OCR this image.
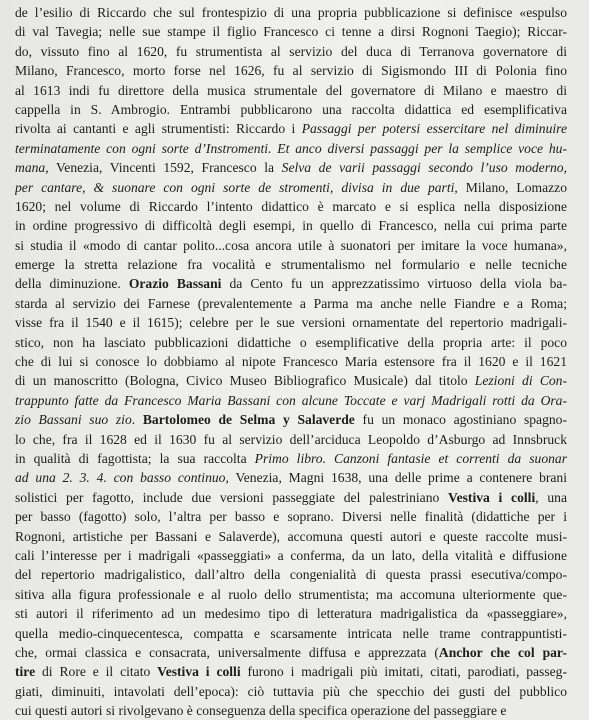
de l’esilio di Riccardo che sul frontespizio di una propria pubblicazione si definisce «espulso
di val Tavegia; nelle sue stampe il figlio Francesco ci tenne a dirsi Rognoni Taegio); Riccar-
do, vissuto fino al 1620, fu strumentista al servizio del duca di Terranova governatore di
Milano, Francesco, morto forse nel 1626, fu al servizio di Sigismondo III di Polonia fino
al 1613 indi fu direttore della musica strumentale del governatore di Milano e maestro di
cappella in S. Ambrogio. Entrambi pubblicarono una raccolta didattica ed esemplificativa
rivolta ai cantanti e agli strumentisti: Riccardo i Passaggi per potersi essercitare nel diminuire
terminatamente con ogni sorte d’Instromenti. Et anco diversi passaggi per la semplice voce hu-
mana, Venezia, Vincenti 1592, Francesco la Selva de varii passaggi secondo l’uso moderno,
per cantare, & suonare con ogni sorte de stromenti, divisa in due parti, Milano, Lomazzo
1620; nel volume di Riccardo l’intento didattico è marcato e si esplica nella disposizione
in ordine progressivo di difficoltà degli esempi, in quello di Francesco, nella cui prima parte
si studia il «modo di cantar polito...cosa ancora utile à suonatori per imitare la voce humana»,
emerge la stretta relazione fra vocalità e strumentalismo nel formulario e nelle tecniche
della diminuzione. Orazio Bassani da Cento fu un apprezzatissimo virtuoso della viola ba-
starda al servizio dei Farnese (prevalentemente a Parma ma anche nelle Fiandre e a Roma;
visse fra il 1540 e il 1615); celebre per le sue versioni ornamentate del repertorio madrigali-
stico, non ha lasciato pubblicazioni didattiche o esemplificative della propria arte: il poco
che di lui si conosce lo dobbiamo al nipote Francesco Maria estensore fra il 1620 e il 1621
di un manoscritto (Bologna, Civico Museo Bibliografico Musicale) dal titolo Lezioni di Con-
trappunto fatte da Francesco Maria Bassani con alcune Toccate e varj Madrigali rotti da Ora-
zio Bassani suo zio. Bartolomeo de Selma y Salaverde fu un monaco agostiniano spagno-
lo che, fra il 1628 ed il 1630 fu al servizio dell’arciduca Leopoldo d’Asburgo ad Innsbruck
in qualità di fagottista; la sua raccolta Primo libro. Canzoni fantasie et correnti da suonar
ad una 2. 3. 4. con basso continuo, Venezia, Magni 1638, una delle prime a contenere brani
solistici per fagotto, include due versioni passeggiate del palestriniano Vestiva i colli, una
per basso (fagotto) solo, l’altra per basso e soprano. Diversi nelle finalità (didattiche per i
Rognoni, artistiche per Bassani e Salaverde), accomuna questi autori e queste raccolte musi-
cali l’interesse per i madrigali «passeggiati» a conferma, da un lato, della vitalità e diffusione
del repertorio madrigalistico, dall’altro della congenialità di questa prassi esecutiva/compo-
sitiva alla figura professionale e al ruolo dello strumentista; ma accomuna ulteriormente que-
sti autori il riferimento ad un medesimo tipo di letteratura madrigalistica da «passeggiare»,
quella medio-cinquecentesca, compatta e scarsamente intricata nelle trame contrappuntisti-
che, ormai classica e consacrata, universalmente diffusa e apprezzata (Anchor che col par-
tire di Rore e il citato Vestiva i colli furono i madrigali più imitati, citati, parodiati, passeg-
giati, diminuiti, intavolati dell’epoca): ciò tuttavia più che specchio dei gusti del pubblico
cui questi autori si rivolgevano è conseguenza della specifica operazione del passeggiare e
